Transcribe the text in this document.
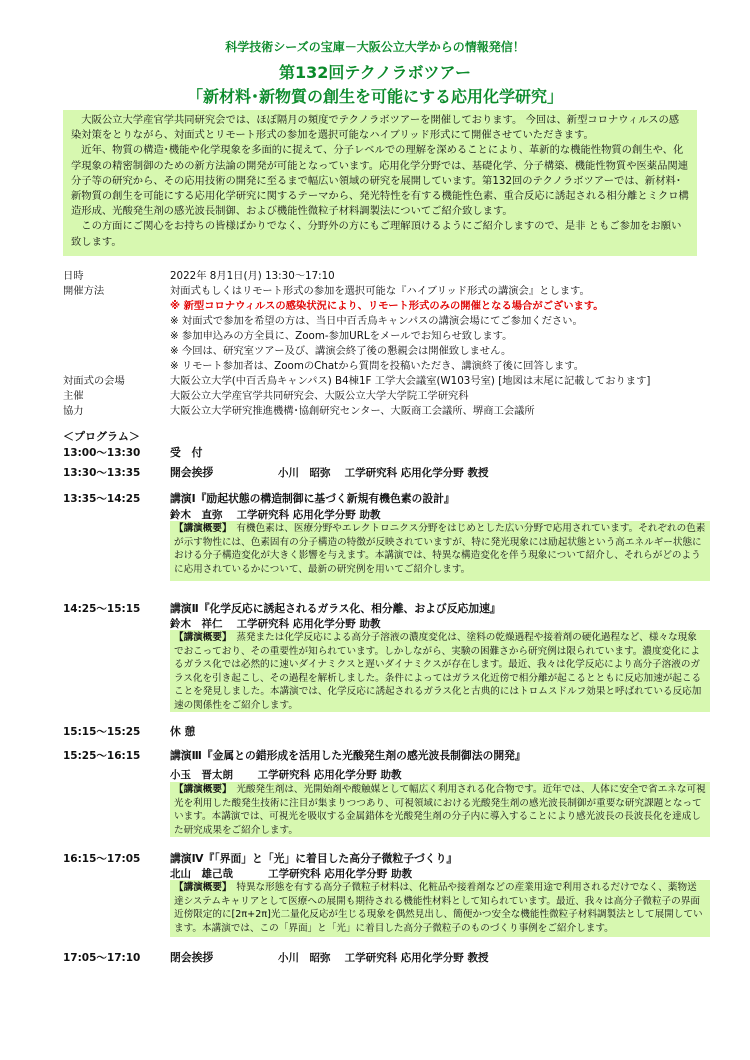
科学技術シーズの宝庫－大阪公立大学からの情報発信！
第132回テクノラボツアー
「新材料･新物質の創生を可能にする応用化学研究」

大阪公立大学産官学共同研究会では、ほぼ隔月の頻度でテクノラボツアーを開催しております。 今回は、新型コロナウィルスの感染対策をとりながら、対面式とリモート形式の参加を選択可能なハイブリッド形式にて開催させていただきます。

近年、物質の構造･機能や化学現象を多面的に捉えて、分子レベルでの理解を深めることにより、革新的な機能性物質の創生や、化学現象の精密制御のための新方法論の開発が可能となっています。応用化学分野では、基礎化学、分子構築、機能性物質や医薬品関連分子等の研究から、その応用技術の開発に至るまで幅広い領域の研究を展開しています。第132回のテクノラボツアーでは、新材料･新物質の創生を可能にする応用化学研究に関するテーマから、発光特性を有する機能性色素、重合反応に誘起される相分離とミクロ構造形成、光酸発生剤の感光波長制御、および機能性微粒子材料調製法についてご紹介致します。

この方面にご関心をお持ちの皆様ばかりでなく、分野外の方にもご理解頂けるようにご紹介しますので、是非 ともご参加をお願い致します。

日時	2022年 8月1日(月) 13:30～17:10
開催方法	対面式もしくはリモート形式の参加を選択可能な『ハイブリッド形式の講演会』とします。
※ 新型コロナウィルスの感染状況により、リモート形式のみの開催となる場合がございます。
※ 対面式で参加を希望の方は、当日中百舌鳥キャンパスの講演会場にてご参加ください。
※ 参加申込みの方全員に、Zoom-参加URLをメールでお知らせ致します。
※ 今回は、研究室ツアー及び、講演会終了後の懇親会は開催致しません。
※ リモート参加者は、ZoomのChatから質問を投稿いただき、講演終了後に回答します。
対面式の会場	大阪公立大学(中百舌鳥キャンパス) B4棟1F 工学大会議室(W103号室) [地図は末尾に記載しております]
主催	大阪公立大学産官学共同研究会、大阪公立大学大学院工学研究科
協力	大阪公立大学研究推進機構･協創研究センター、大阪商工会議所、堺商工会議所
＜プログラム＞
13:00～13:30	受　付
13:30～13:35	開会挨拶	小川　昭弥　 工学研究科 応用化学分野 教授
13:35～14:25	講演Ⅰ『励起状態の構造制御に基づく新規有機色素の設計』
鈴木　直弥　 工学研究科 応用化学分野 助教
【講演概要】　有機色素は、医療分野やエレクトロニクス分野をはじめとした広い分野で応用されています。それぞれの色素が示す物性には、色素固有の分子構造の特徴が反映されていますが、特に発光現象には励起状態という高エネルギー状態における分子構造変化が大きく影響を与えます。本講演では、特異な構造変化を伴う現象について紹介し、それらがどのように応用されているかについて、最新の研究例を用いてご紹介します。
14:25～15:15	講演Ⅱ『化学反応に誘起されるガラス化、相分離、および反応加速』
鈴木　祥仁　 工学研究科 応用化学分野 助教
【講演概要】　蒸発または化学反応による高分子溶液の濃度変化は、塗料の乾燥過程や接着剤の硬化過程など、様々な現象でおこっており、その重要性が知られています。しかしながら、実験の困難さから研究例は限られています。濃度変化によるガラス化では必然的に速いダイナミクスと遅いダイナミクスが存在します。最近、我々は化学反応により高分子溶液のガラス化を引き起こし、その過程を解析しました。条件によってはガラス化近傍で相分離が起こるとともに反応加速が起こることを発見しました。本講演では、化学反応に誘起されるガラス化と古典的にはトロムスドルフ効果と呼ばれている反応加速の関係性をご紹介します。
15:15～15:25	休 憩
15:25～16:15	講演Ⅲ『金属との錯形成を活用した光酸発生剤の感光波長制御法の開発』
小玉　晋太朗　　 工学研究科 応用化学分野 助教
【講演概要】　光酸発生剤は、光開始剤や酸触媒として幅広く利用される化合物です。近年では、人体に安全で省エネな可視光を利用した酸発生技術に注目が集まりつつあり、可視領域における光酸発生剤の感光波長制御が重要な研究課題となっています。本講演では、可視光を吸収する金属錯体を光酸発生剤の分子内に導入することにより感光波長の長波長化を達成した研究成果をご紹介します。
16:15～17:05	講演Ⅳ『「界面」と「光」に着目した高分子微粒子づくり』
北山　雄己哉　　　 工学研究科 応用化学分野 助教
【講演概要】　特異な形態を有する高分子微粒子材料は、化粧品や接着剤などの産業用途で利用されるだけでなく、薬物送達システムキャリアとして医療への展開も期待される機能性材料として知られています。最近、我々は高分子微粒子の界面近傍限定的に[2π+2π]光二量化反応が生じる現象を偶然見出し、簡便かつ安全な機能性微粒子材料調製法として展開しています。本講演では、この「界面」と「光」に着目した高分子微粒子のものづくり事例をご紹介します。
17:05～17:10	閉会挨拶	小川　昭弥　 工学研究科 応用化学分野 教授
